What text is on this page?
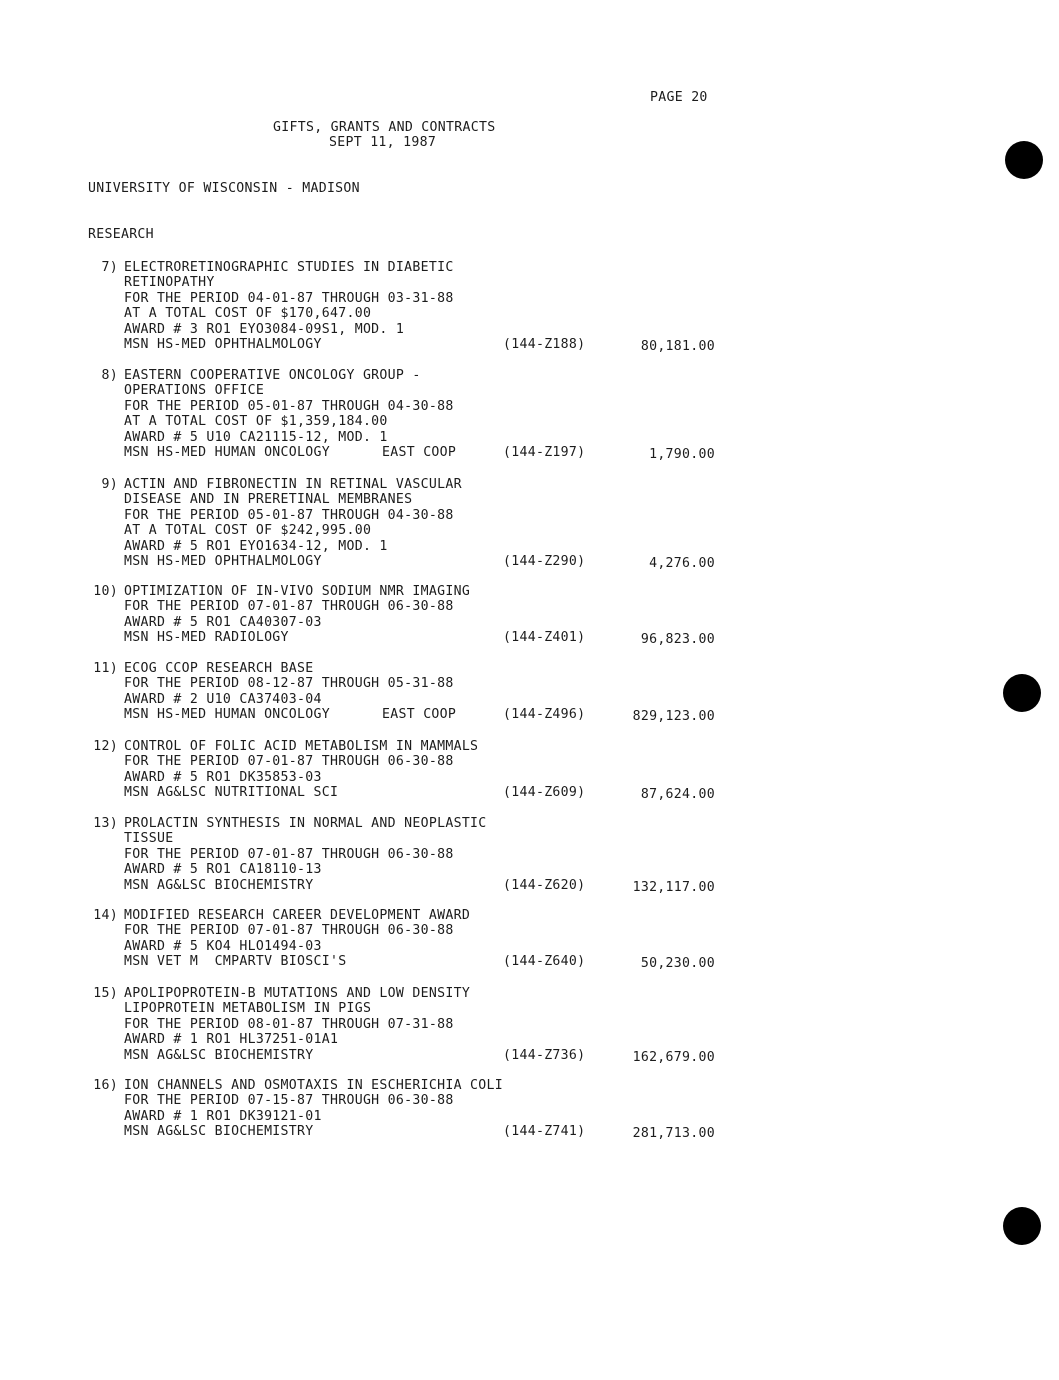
PAGE 20
GIFTS, GRANTS AND CONTRACTS
SEPT 11, 1987
UNIVERSITY OF WISCONSIN - MADISON
RESEARCH
7) ELECTRORETINOGRAPHIC STUDIES IN DIABETIC
RETINOPATHY
FOR THE PERIOD 04-01-87 THROUGH 03-31-88
AT A TOTAL COST OF $170,647.00
AWARD # 3 RO1 EYO3084-09S1, MOD. 1
MSN HS-MED OPHTHALMOLOGY	(144-Z188)	80,181.00
8) EASTERN COOPERATIVE ONCOLOGY GROUP -
OPERATIONS OFFICE
FOR THE PERIOD 05-01-87 THROUGH 04-30-88
AT A TOTAL COST OF $1,359,184.00
AWARD # 5 U10 CA21115-12, MOD. 1
MSN HS-MED HUMAN ONCOLOGY	EAST COOP	(144-Z197)	1,790.00
9) ACTIN AND FIBRONECTIN IN RETINAL VASCULAR
DISEASE AND IN PRERETINAL MEMBRANES
FOR THE PERIOD 05-01-87 THROUGH 04-30-88
AT A TOTAL COST OF $242,995.00
AWARD # 5 RO1 EYO1634-12, MOD. 1
MSN HS-MED OPHTHALMOLOGY	(144-Z290)	4,276.00
10) OPTIMIZATION OF IN-VIVO SODIUM NMR IMAGING
FOR THE PERIOD 07-01-87 THROUGH 06-30-88
AWARD # 5 RO1 CA40307-03
MSN HS-MED RADIOLOGY	(144-Z401)	96,823.00
11) ECOG CCOP RESEARCH BASE
FOR THE PERIOD 08-12-87 THROUGH 05-31-88
AWARD # 2 U10 CA37403-04
MSN HS-MED HUMAN ONCOLOGY	EAST COOP	(144-Z496)	829,123.00
12) CONTROL OF FOLIC ACID METABOLISM IN MAMMALS
FOR THE PERIOD 07-01-87 THROUGH 06-30-88
AWARD # 5 RO1 DK35853-03
MSN AG&LSC NUTRITIONAL SCI	(144-Z609)	87,624.00
13) PROLACTIN SYNTHESIS IN NORMAL AND NEOPLASTIC
TISSUE
FOR THE PERIOD 07-01-87 THROUGH 06-30-88
AWARD # 5 RO1 CA18110-13
MSN AG&LSC BIOCHEMISTRY	(144-Z620)	132,117.00
14) MODIFIED RESEARCH CAREER DEVELOPMENT AWARD
FOR THE PERIOD 07-01-87 THROUGH 06-30-88
AWARD # 5 KO4 HLO1494-03
MSN VET M  CMPARTV BIOSCI'S	(144-Z640)	50,230.00
15) APOLIPOPROTEIN-B MUTATIONS AND LOW DENSITY
LIPOPROTEIN METABOLISM IN PIGS
FOR THE PERIOD 08-01-87 THROUGH 07-31-88
AWARD # 1 RO1 HL37251-01A1
MSN AG&LSC BIOCHEMISTRY	(144-Z736)	162,679.00
16) ION CHANNELS AND OSMOTAXIS IN ESCHERICHIA COLI
FOR THE PERIOD 07-15-87 THROUGH 06-30-88
AWARD # 1 RO1 DK39121-01
MSN AG&LSC BIOCHEMISTRY	(144-Z741)	281,713.00
